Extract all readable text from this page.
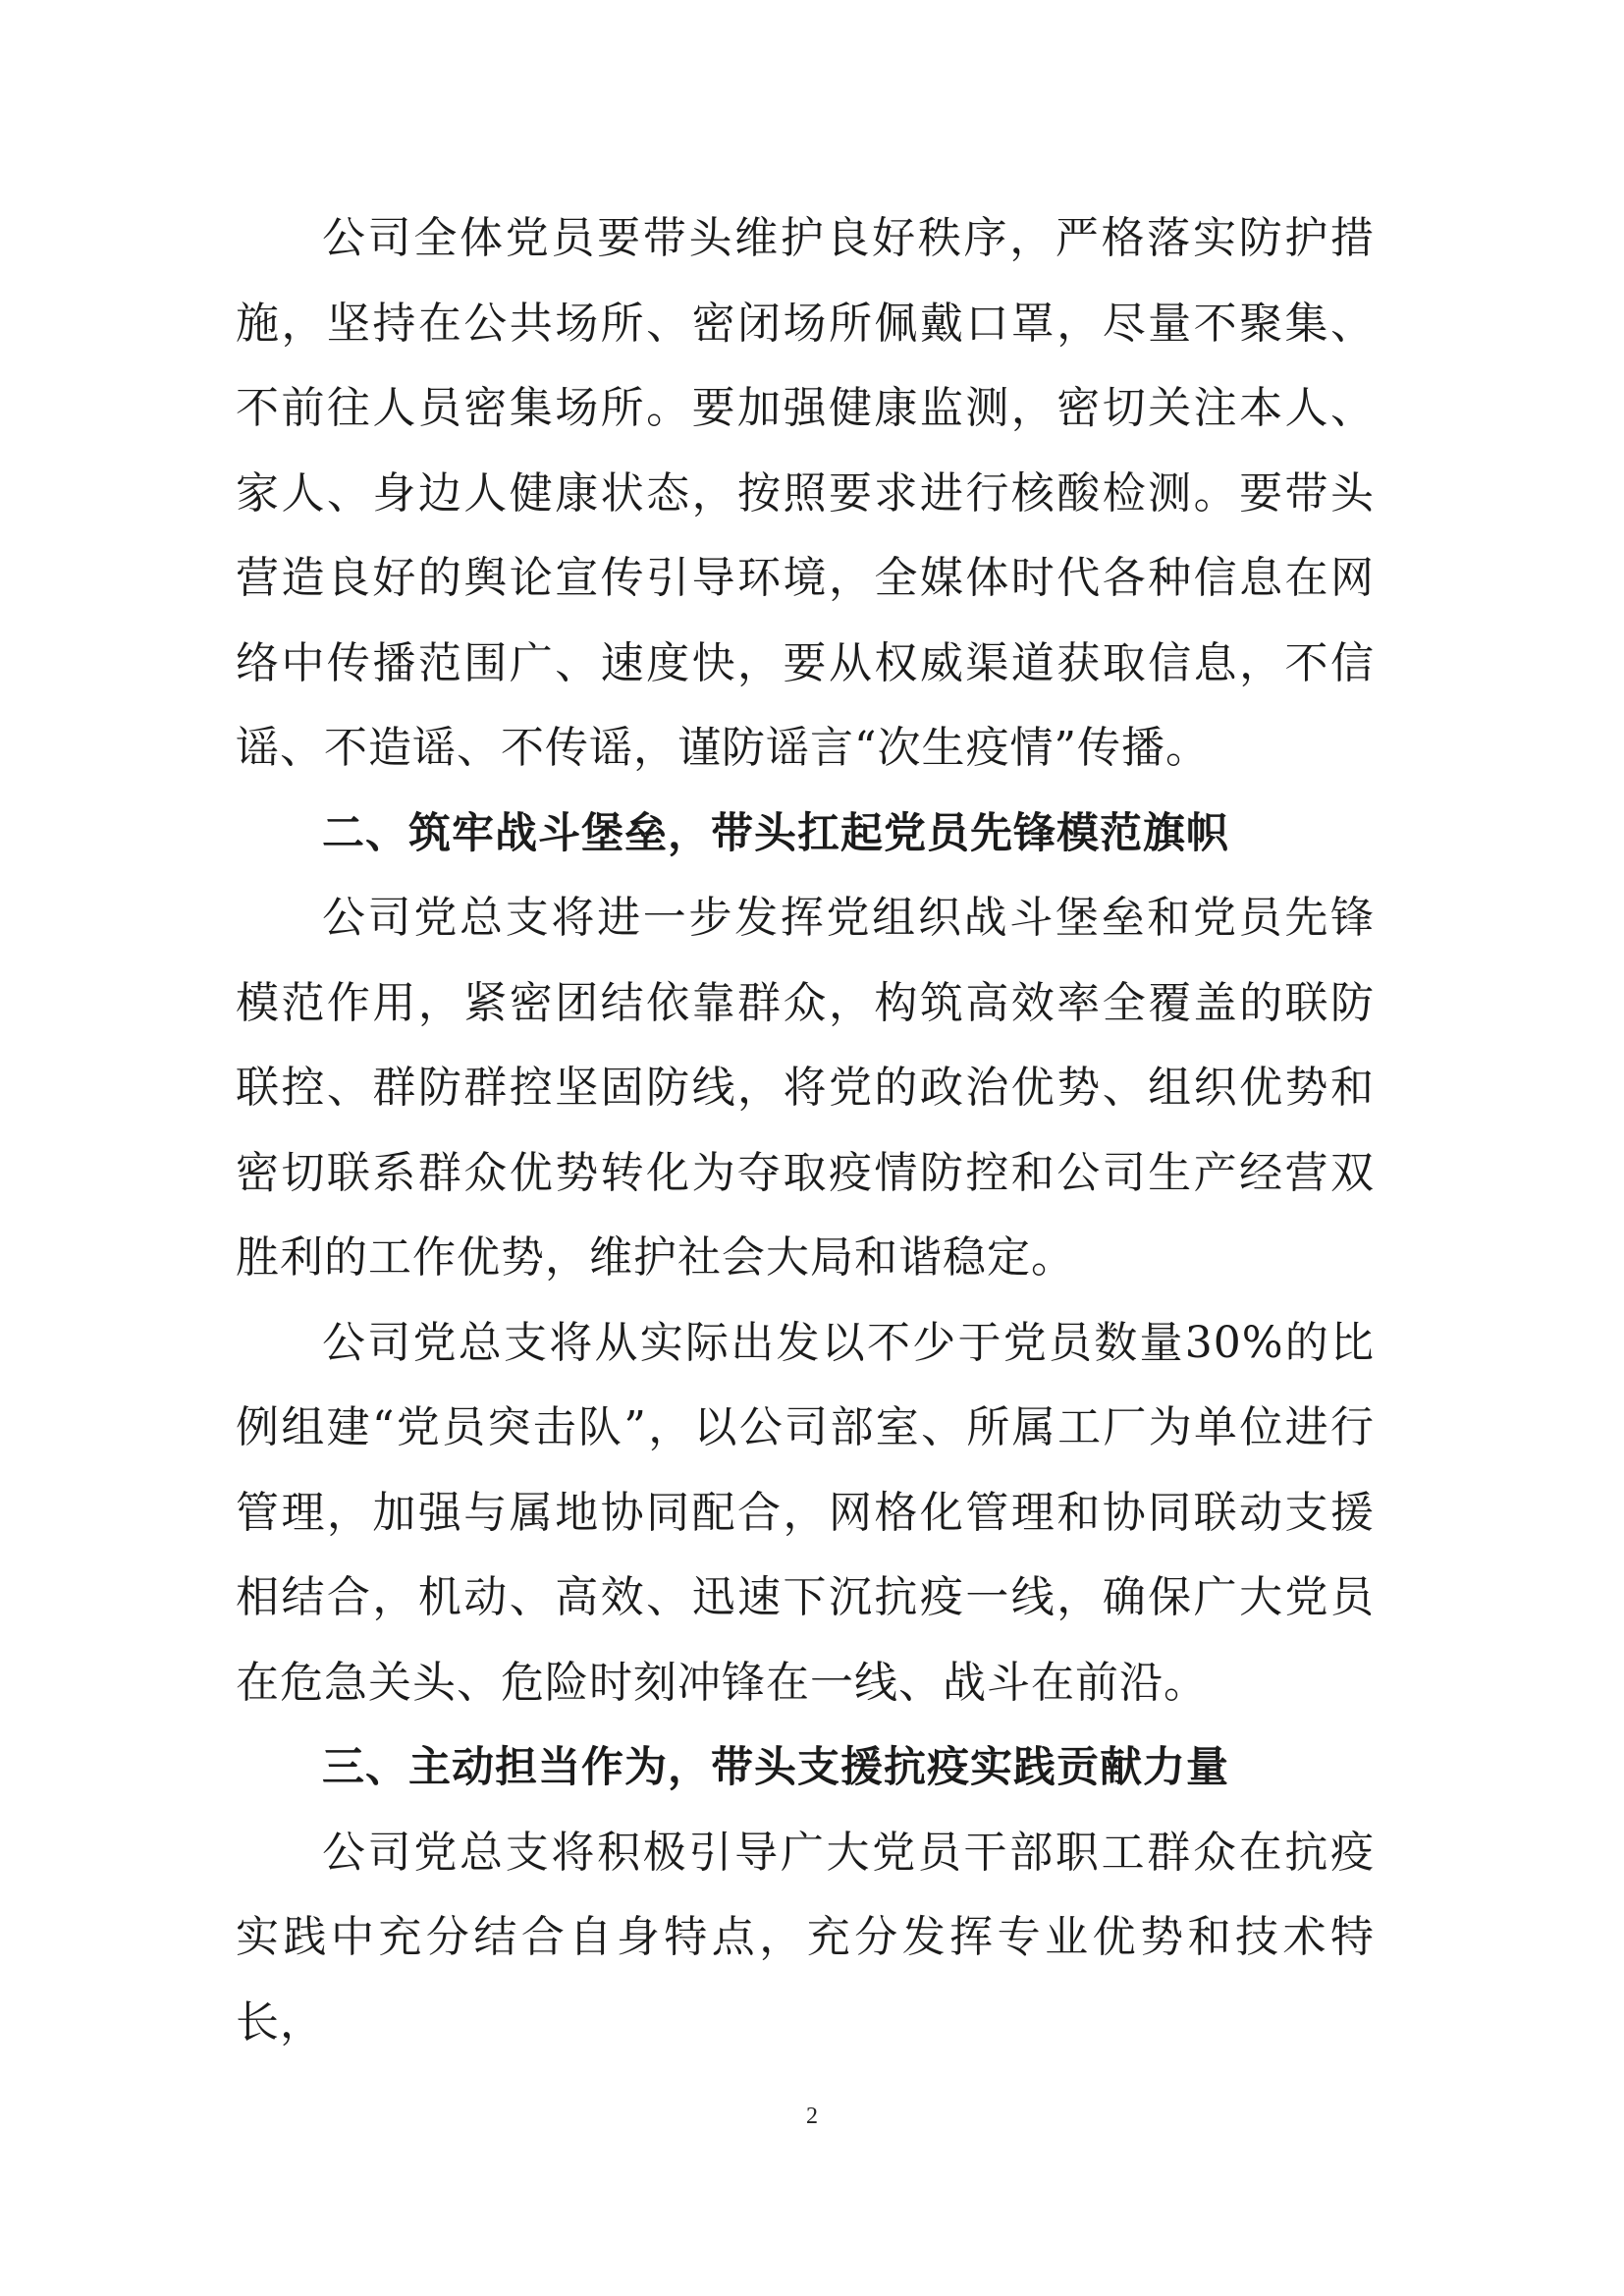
公司全体党员要带头维护良好秩序，严格落实防护措施，坚持在公共场所、密闭场所佩戴口罩，尽量不聚集、不前往人员密集场所。要加强健康监测，密切关注本人、家人、身边人健康状态，按照要求进行核酸检测。要带头营造良好的舆论宣传引导环境，全媒体时代各种信息在网络中传播范围广、速度快，要从权威渠道获取信息，不信谣、不造谣、不传谣，谨防谣言“次生疫情”传播。

二、筑牢战斗堡垒，带头扛起党员先锋模范旗帜

公司党总支将进一步发挥党组织战斗堡垒和党员先锋模范作用，紧密团结依靠群众，构筑高效率全覆盖的联防联控、群防群控坚固防线，将党的政治优势、组织优势和密切联系群众优势转化为夺取疫情防控和公司生产经营双胜利的工作优势，维护社会大局和谐稳定。

公司党总支将从实际出发以不少于党员数量30%的比例组建“党员突击队”，以公司部室、所属工厂为单位进行管理，加强与属地协同配合，网格化管理和协同联动支援相结合，机动、高效、迅速下沉抗疫一线，确保广大党员在危急关头、危险时刻冲锋在一线、战斗在前沿。

三、主动担当作为，带头支援抗疫实践贡献力量

公司党总支将积极引导广大党员干部职工群众在抗疫实践中充分结合自身特点，充分发挥专业优势和技术特长，

2
